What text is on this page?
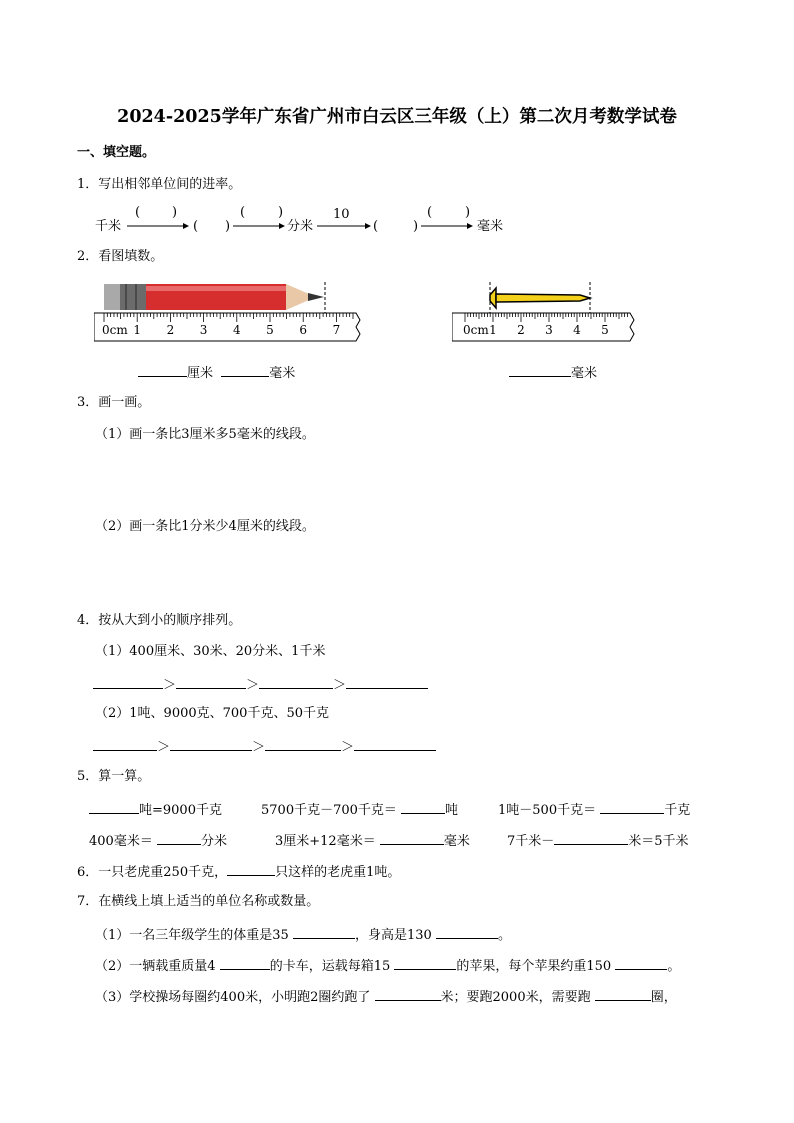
2024-2025学年广东省广州市白云区三年级（上）第二次月考数学试卷
一、填空题。
1．写出相邻单位间的进率。
千米
( )
( )
(	)
分米
10
(	)
(	)
毫米
2．看图填数。
0cm 1 2 3 4 5 6 7
厘米	毫米
0cm 1 2 3 4 5
毫米
3．画一画。
（1）画一条比3厘米多5毫米的线段。
（2）画一条比1分米少4厘米的线段。
4．按从大到小的顺序排列。
（1）400厘米、30米、20分米、1千米
＞	＞	＞
（2）1吨、9000克、700千克、50千克
＞	＞	＞
5．算一算。
吨=9000千克	5700千克－700千克＝	吨	1吨－500千克＝	千克
400毫米＝	分米	3厘米+12毫米＝	毫米	7千米－	米＝5千米
6．一只老虎重250千克，	只这样的老虎重1吨。
7．在横线上填上适当的单位名称或数量。
（1）一名三年级学生的体重是35	，身高是130	。
（2）一辆载重质量4	的卡车，运载每箱15	的苹果，每个苹果约重150	。
（3）学校操场每圈约400米，小明跑2圈约跑了	米；要跑2000米，需要跑	圈，
